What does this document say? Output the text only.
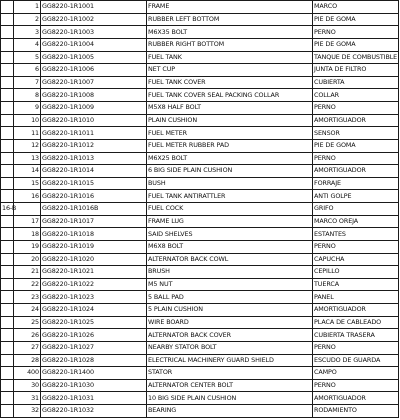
	1	GG8220-1R1001	FRAME	MARCO
	2	GG8220-1R1002	RUBBER LEFT BOTTOM	PIE DE GOMA
	3	GG8220-1R1003	M6X35 BOLT	PERNO
	4	GG8220-1R1004	RUBBER RIGHT BOTTOM	PIE DE GOMA
	5	GG8220-1R1005	FUEL TANK	TANQUE DE COMBUSTIBLE
	6	GG8220-1R1006	NET CUP	JUNTA DE FILTRO
	7	GG8220-1R1007	FUEL TANK COVER	CUBIERTA
	8	GG8220-1R1008	FUEL TANK COVER SEAL PACKING COLLAR	COLLAR
	9	GG8220-1R1009	M5X8 HALF BOLT	PERNO
	10	GG8220-1R1010	PLAIN CUSHION	AMORTIGUADOR
	11	GG8220-1R1011	FUEL METER	SENSOR
	12	GG8220-1R1012	FUEL METER RUBBER PAD	PIE DE GOMA
	13	GG8220-1R1013	M6X25 BOLT	PERNO
	14	GG8220-1R1014	6 BIG SIDE PLAIN CUSHION	AMORTIGUADOR
	15	GG8220-1R1015	BUSH	FORRAJE
	16	GG8220-1R1016	FUEL TANK ANTIRATTLER	ANTI GOLPE
16-B		GG8220-1R1016B	FUEL COCK	GRIFO
	17	GG8220-1R1017	FRAME LUG	MARCO OREJA
	18	GG8220-1R1018	SAID SHELVES	ESTANTES
	19	GG8220-1R1019	M6X8 BOLT	PERNO
	20	GG8220-1R1020	ALTERNATOR BACK COWL	CAPUCHA
	21	GG8220-1R1021	BRUSH	CEPILLO
	22	GG8220-1R1022	M5 NUT	TUERCA
	23	GG8220-1R1023	5 BALL PAD	PANEL
	24	GG8220-1R1024	5 PLAIN CUSHION	AMORTIGUADOR
	25	GG8220-1R1025	WIRE BOARD	PLACA DE CABLEADO
	26	GG8220-1R1026	ALTERNATOR BACK COVER	CUBIERTA TRASERA
	27	GG8220-1R1027	NEARBY STATOR BOLT	PERNO
	28	GG8220-1R1028	ELECTRICAL MACHINERY GUARD SHIELD	ESCUDO DE GUARDA
	400	GG8220-1R1400	STATOR	CAMPO
	30	GG8220-1R1030	ALTERNATOR CENTER BOLT	PERNO
	31	GG8220-1R1031	10 BIG SIDE PLAIN CUSHION	AMORTIGUADOR
	32	GG8220-1R1032	BEARING	RODAMIENTO
